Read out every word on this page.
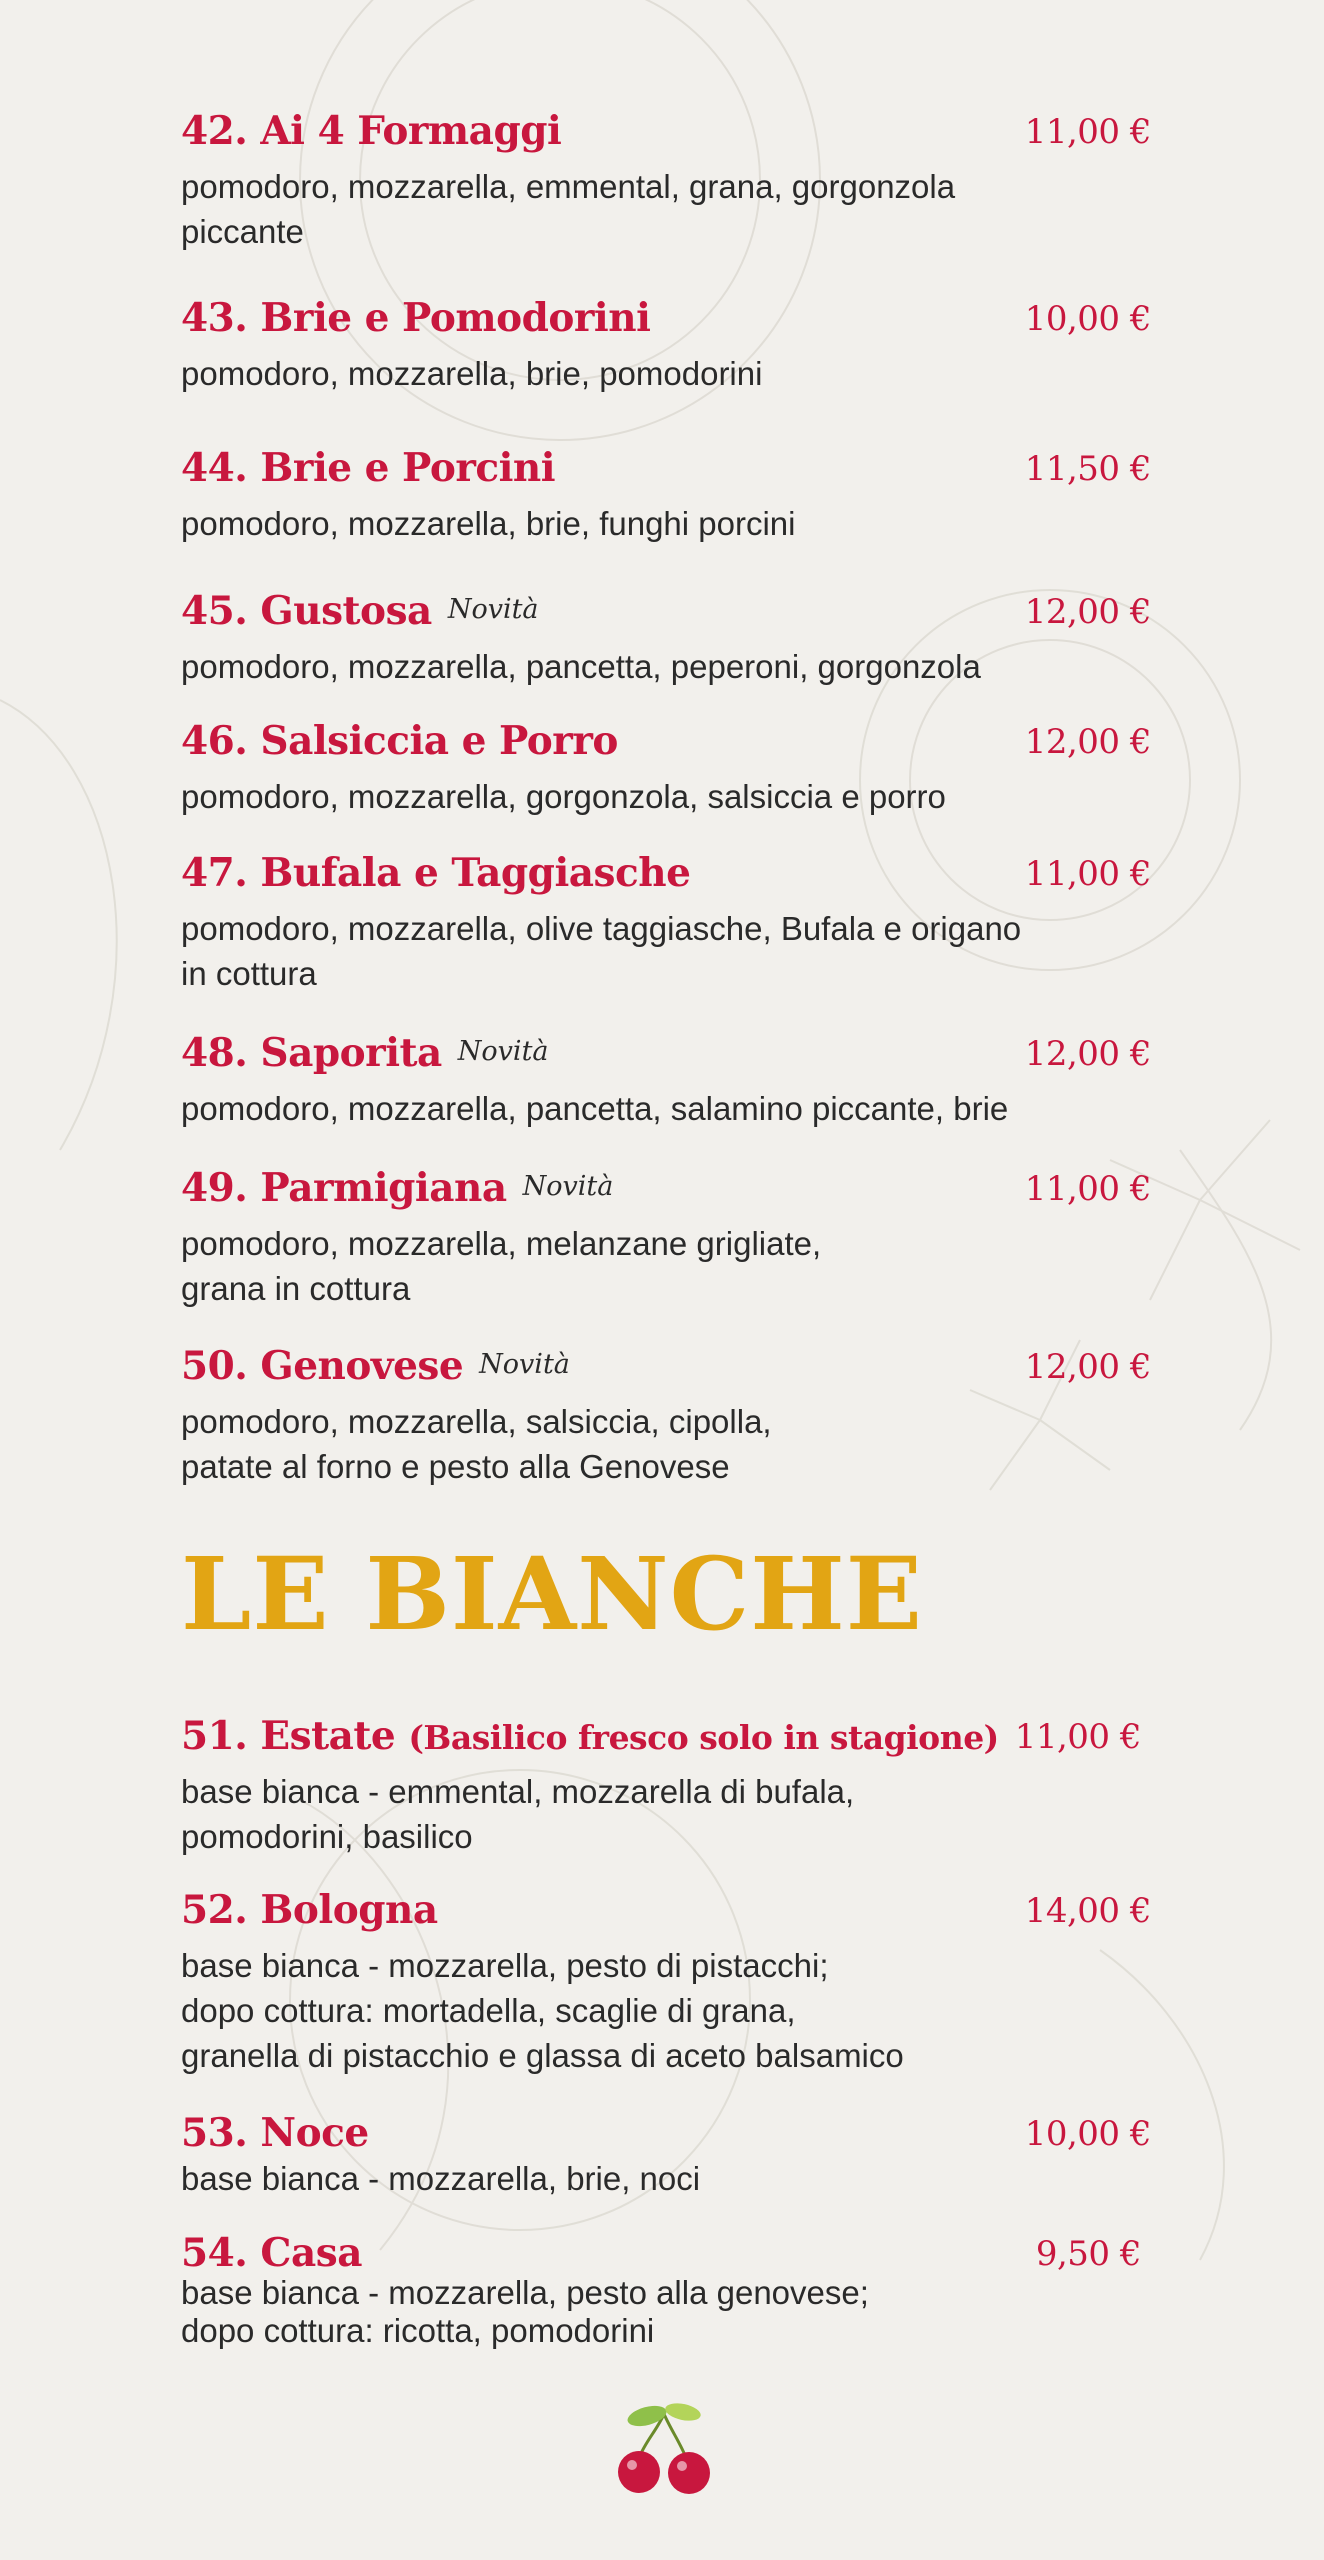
42. Ai 4 Formaggi	11,00 €
pomodoro, mozzarella, emmental, grana, gorgonzola
piccante
43. Brie e Pomodorini	10,00 €
pomodoro, mozzarella, brie, pomodorini
44. Brie e Porcini	11,50 €
pomodoro, mozzarella, brie, funghi porcini
45. Gustosa Novità	12,00 €
pomodoro, mozzarella, pancetta, peperoni, gorgonzola
46. Salsiccia e Porro	12,00 €
pomodoro, mozzarella, gorgonzola, salsiccia e porro
47. Bufala e Taggiasche	11,00 €
pomodoro, mozzarella, olive taggiasche, Bufala e origano
in cottura
48. Saporita Novità	12,00 €
pomodoro, mozzarella, pancetta, salamino piccante, brie
49. Parmigiana Novità	11,00 €
pomodoro, mozzarella, melanzane grigliate,
grana in cottura
50. Genovese Novità	12,00 €
pomodoro, mozzarella, salsiccia, cipolla,
patate al forno e pesto alla Genovese
LE BIANCHE
51. Estate (Basilico fresco solo in stagione) 11,00 €
base bianca - emmental, mozzarella di bufala,
pomodorini, basilico
52. Bologna	14,00 €
base bianca - mozzarella, pesto di pistacchi;
dopo cottura: mortadella, scaglie di grana,
granella di pistacchio e glassa di aceto balsamico
53. Noce	10,00 €
base bianca - mozzarella, brie, noci
54. Casa	9,50 €
base bianca - mozzarella, pesto alla genovese;
dopo cottura: ricotta, pomodorini
